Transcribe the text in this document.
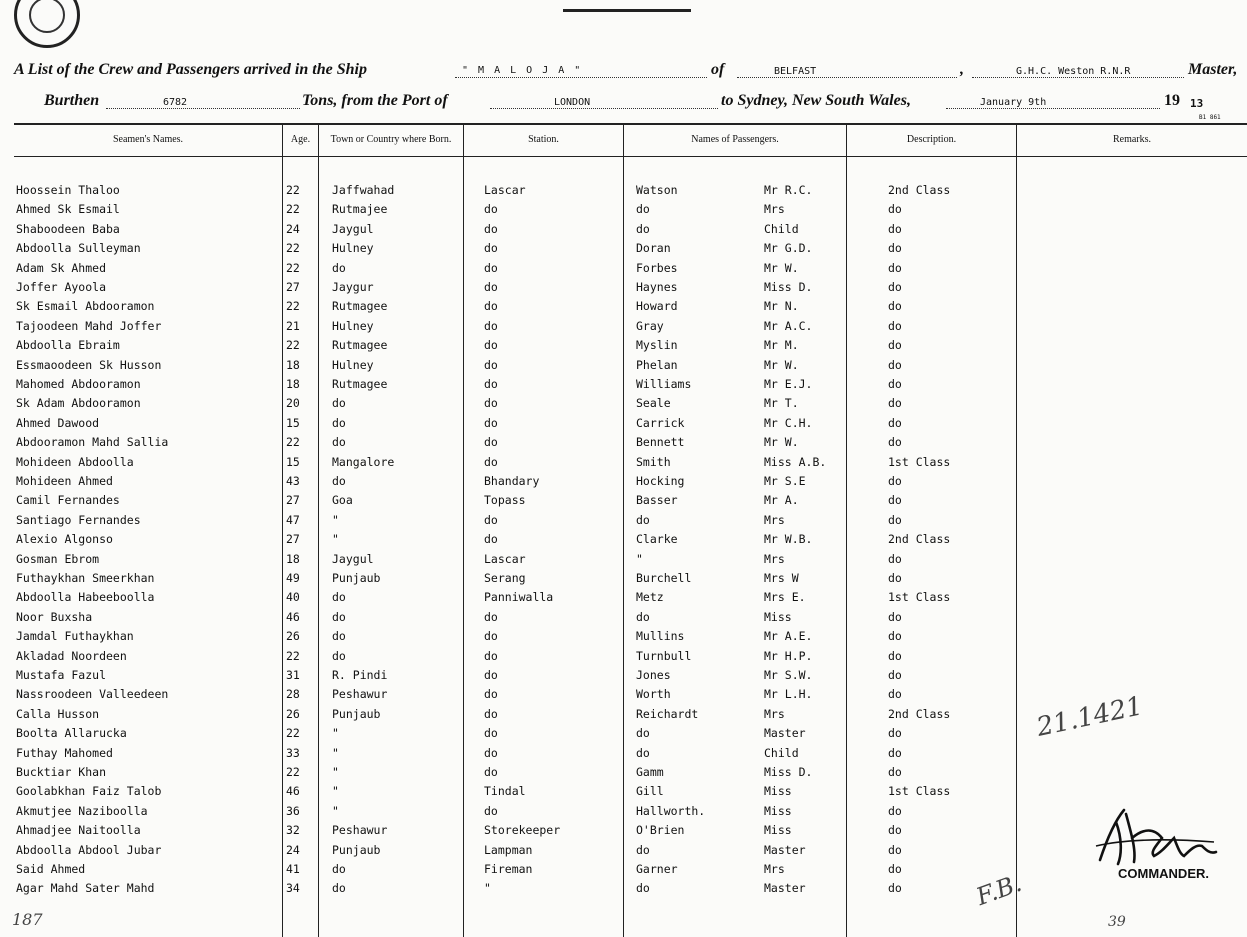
A List of the Crew and Passengers arrived in the Ship	" M A L O J A "	of	BELFAST	,	G.H.C. Weston R.N.R	Master,
Burthen	6782	Tons, from the Port of	LONDON	to Sydney, New South Wales,	January 9th	19 13
B1 861
Seamen's Names.	Age.	Town or Country where Born.	Station.	Names of Passengers.	Description.	Remarks.
Hoossein Thaloo	22	Jaffwahad	Lascar	Watson	Mr R.C.	2nd Class
Ahmed Sk Esmail	22	Rutmajee	do	do	Mrs	do
Shaboodeen Baba	24	Jaygul	do	do	Child	do
Abdoolla Sulleyman	22	Hulney	do	Doran	Mr G.D.	do
Adam Sk Ahmed	22	do	do	Forbes	Mr W.	do
Joffer Ayoola	27	Jaygur	do	Haynes	Miss D.	do
Sk Esmail Abdooramon	22	Rutmagee	do	Howard	Mr N.	do
Tajoodeen Mahd Joffer	21	Hulney	do	Gray	Mr A.C.	do
Abdoolla Ebraim	22	Rutmagee	do	Myslin	Mr M.	do
Essmaoodeen Sk Husson	18	Hulney	do	Phelan	Mr W.	do
Mahomed Abdooramon	18	Rutmagee	do	Williams	Mr E.J.	do
Sk Adam Abdooramon	20	do	do	Seale	Mr T.	do
Ahmed Dawood	15	do	do	Carrick	Mr C.H.	do
Abdooramon Mahd Sallia	22	do	do	Bennett	Mr W.	do
Mohideen Abdoolla	15	Mangalore	do	Smith	Miss A.B.	1st Class
Mohideen Ahmed	43	do	Bhandary	Hocking	Mr S.E	do
Camil Fernandes	27	Goa	Topass	Basser	Mr A.	do
Santiago Fernandes	47	"	do	do	Mrs	do
Alexio Algonso	27	"	do	Clarke	Mr W.B.	2nd Class
Gosman Ebrom	18	Jaygul	Lascar	"	Mrs	do
Futhaykhan Smeerkhan	49	Punjaub	Serang	Burchell	Mrs W	do
Abdoolla Habeeboolla	40	do	Panniwalla	Metz	Mrs E.	1st Class
Noor Buxsha	46	do	do	do	Miss	do
Jamdal Futhaykhan	26	do	do	Mullins	Mr A.E.	do
Akladad Noordeen	22	do	do	Turnbull	Mr H.P.	do
Mustafa Fazul	31	R. Pindi	do	Jones	Mr S.W.	do
Nassroodeen Valleedeen	28	Peshawur	do	Worth	Mr L.H.	do
Calla Husson	26	Punjaub	do	Reichardt	Mrs	2nd Class
Boolta Allarucka	22	"	do	do	Master	do
Futhay Mahomed	33	"	do	do	Child	do
Bucktiar Khan	22	"	do	Gamm	Miss D.	do
Goolabkhan Faiz Talob	46	"	Tindal	Gill	Miss	1st Class
Akmutjee Naziboolla	36	"	do	Hallworth.	Miss	do
Ahmadjee Naitoolla	32	Peshawur	Storekeeper	O'Brien	Miss	do
Abdoolla Abdool Jubar	24	Punjaub	Lampman	do	Master	do
Said Ahmed	41	do	Fireman	Garner	Mrs	do
Agar Mahd Sater Mahd	34	do	"	do	Master	do
21.1421
F.B.
39
187
COMMANDER.
